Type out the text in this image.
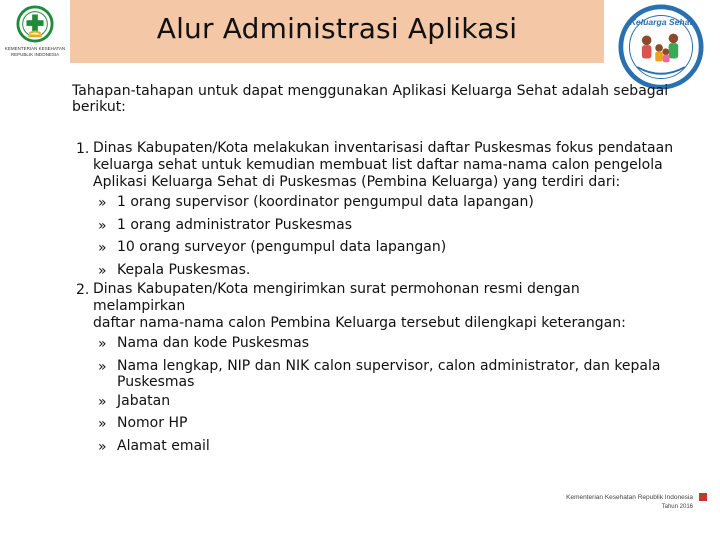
KEMENTERIAN KESEHATAN
REPUBLIK INDONESIA
Alur Administrasi Aplikasi	Keluarga Sehat
Tahapan-tahapan untuk dapat menggunakan Aplikasi Keluarga Sehat adalah sebagai berikut:
1. Dinas Kabupaten/Kota melakukan inventarisasi daftar Puskesmas fokus pendataan
keluarga sehat untuk kemudian membuat list daftar nama-nama calon pengelola
Aplikasi Keluarga Sehat di Puskesmas (Pembina Keluarga) yang terdiri dari:
» 1 orang supervisor (koordinator pengumpul data lapangan)
» 1 orang administrator Puskesmas
» 10 orang surveyor (pengumpul data lapangan)
» Kepala Puskesmas.
2. Dinas Kabupaten/Kota mengirimkan surat permohonan resmi dengan melampirkan
daftar nama-nama calon Pembina Keluarga tersebut dilengkapi keterangan:
» Nama dan kode Puskesmas
» Nama lengkap, NIP dan NIK calon supervisor, calon administrator, dan kepala Puskesmas
» Jabatan
» Nomor HP
» Alamat email
Kementerian Kesehatan Republik Indonesia
Tahun 2016
